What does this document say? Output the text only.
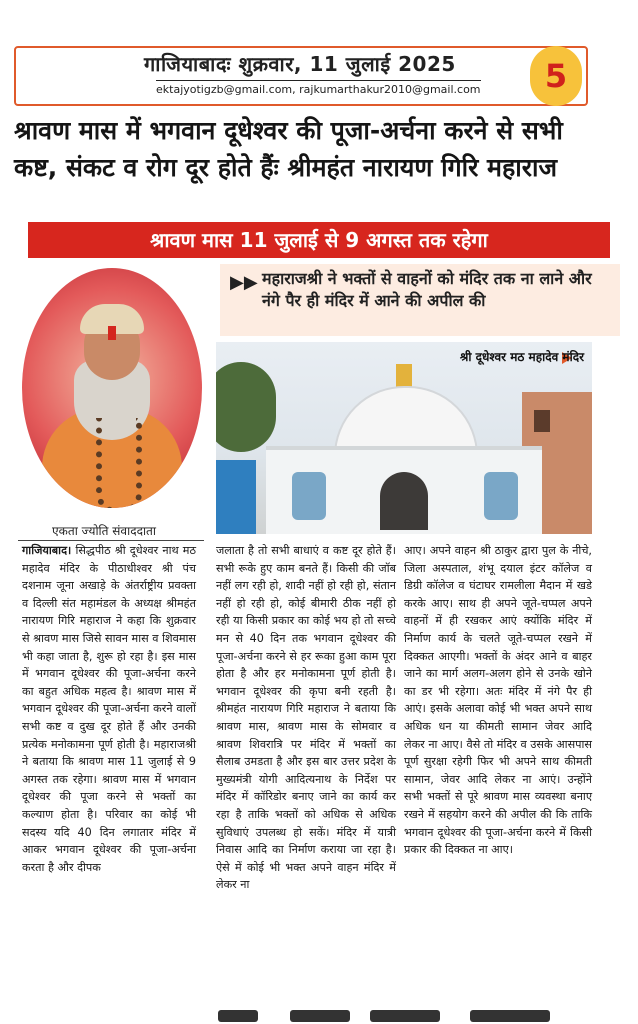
गाजियाबादः शुक्रवार, 11 जुलाई 2025
ektajyotigzb@gmail.com, rajkumarthakur2010@gmail.com	5
श्रावण मास में भगवान दूधेश्वर की पूजा-अर्चना करने से सभी
कष्ट, संकट व रोग दूर होते हैंः श्रीमहंत नारायण गिरि महाराज
श्रावण मास 11 जुलाई से 9 अगस्त तक रहेगा
▶▶ महाराजश्री ने भक्तों से वाहनों को मंदिर तक ना लाने और नंगे पैर ही मंदिर में आने की अपील की
श्री दूधेश्वर मठ महादेव मंदिर
एकता ज्योति संवाददाता
गाजियाबाद। सिद्धपीठ श्री दूधेश्वर नाथ मठ महादेव मंदिर के पीठाधीश्वर श्री पंच दशनाम जूना अखाड़े के अंतर्राष्ट्रीय प्रवक्ता व दिल्ली संत महामंडल के अध्यक्ष श्रीमहंत नारायण गिरि महाराज ने कहा कि शुक्रवार से श्रावण मास जिसे सावन मास व शिवमास भी कहा जाता है, शुरू हो रहा है। इस मास में भगवान दूधेश्वर की पूजा-अर्चना करने का बहुत अधिक महत्व है। श्रावण मास में भगवान दूधेश्वर की पूजा-अर्चना करने वालों सभी कष्ट व दुख दूर होते हैं और उनकी प्रत्येक मनोकामना पूर्ण होती है। महाराजश्री ने बताया कि श्रावण मास 11 जुलाई से 9 अगस्त तक रहेगा। श्रावण मास में भगवान दूधेश्वर की पूजा करने से भक्तों का कल्याण होता है। परिवार का कोई भी सदस्य यदि 40 दिन लगातार मंदिर में आकर भगवान दूधेश्वर की पूजा-अर्चना करता है और दीपक
जलाता है तो सभी बाधाएं व कष्ट दूर होते हैं। सभी रूके हुए काम बनते हैं। किसी की जॉब नहीं लग रही हो, शादी नहीं हो रही हो, संतान नहीं हो रही हो, कोई बीमारी ठीक नहीं हो रही या किसी प्रकार का कोई भय हो तो सच्चे मन से 40 दिन तक भगवान दूधेश्वर की पूजा-अर्चना करने से हर रूका हुआ काम पूरा होता है और हर मनोकामना पूर्ण होती है। भगवान दूधेश्वर की कृपा बनी रहती है। श्रीमहंत नारायण गिरि महाराज ने बताया कि श्रावण मास, श्रावण मास के सोमवार व श्रावण शिवरात्रि पर मंदिर में भक्तों का सैलाब उमडता है और इस बार उत्तर प्रदेश के मुख्यमंत्री योगी आदित्यनाथ के निर्देश पर मंदिर में कॉरिडोर बनाए जाने का कार्य कर रहा है ताकि भक्तों को अधिक से अधिक सुविधाएं उपलब्ध हो सकें। मंदिर में यात्री निवास आदि का निर्माण कराया जा रहा है। ऐसे में कोई भी भक्त अपने वाहन मंदिर में लेकर ना
आए। अपने वाहन श्री ठाकुर द्वारा पुल के नीचे, जिला अस्पताल, शंभू दयाल इंटर कॉलेज व डिग्री कॉलेज व घंटाघर रामलीला मैदान में खडे करके आए। साथ ही अपने जूते-चप्पल अपने वाहनों में ही रखकर आएं क्योंकि मंदिर में निर्माण कार्य के चलते जूते-चप्पल रखने में दिक्कत आएगी। भक्तों के अंदर आने व बाहर जाने का मार्ग अलग-अलग होने से उनके खोने का डर भी रहेगा। अतः मंदिर में नंगे पैर ही आएं। इसके अलावा कोई भी भक्त अपने साथ अधिक धन या कीमती सामान जेवर आदि लेकर ना आए। वैसे तो मंदिर व उसके आसपास पूर्ण सुरक्षा रहेगी फिर भी अपने साथ कीमती सामान, जेवर आदि लेकर ना आएं। उन्होंने सभी भक्तों से पूरे श्रावण मास व्यवस्था बनाए रखने में सहयोग करने की अपील की कि ताकि भगवान दूधेश्वर की पूजा-अर्चना करने में किसी प्रकार की दिक्कत ना आए।
